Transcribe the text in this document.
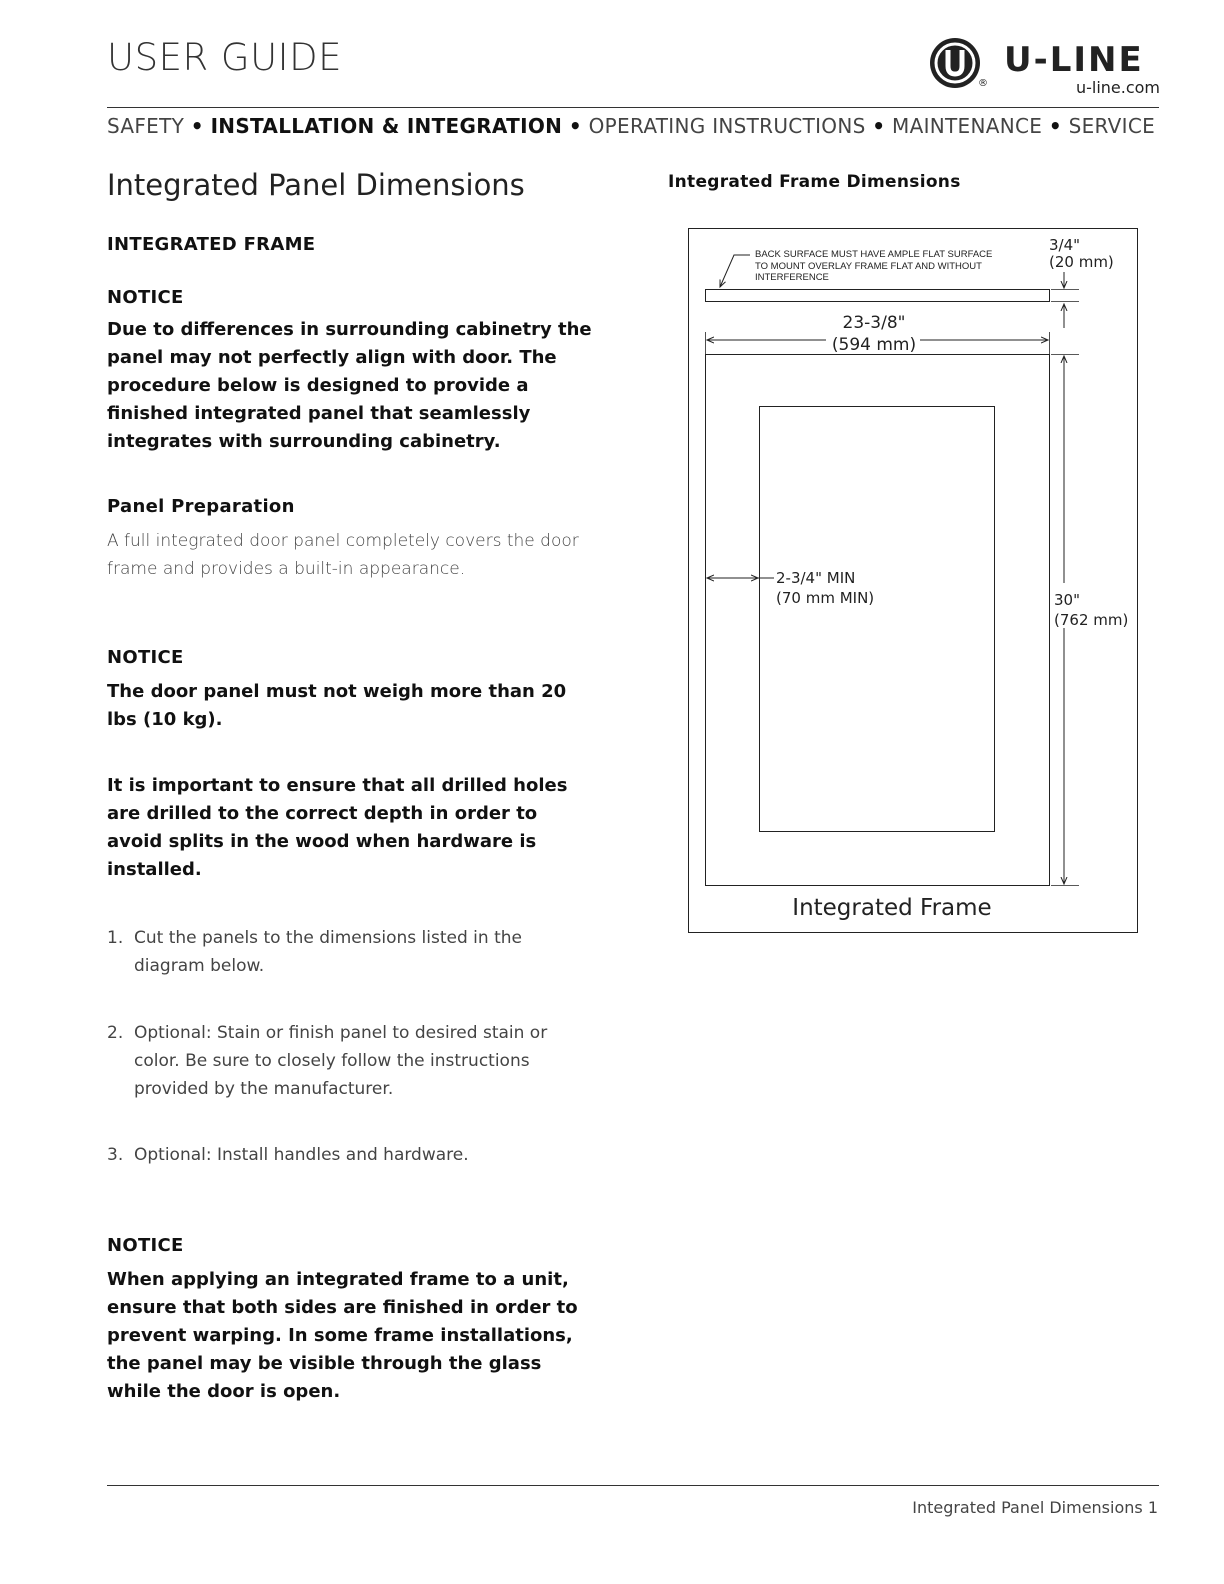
USER GUIDE
®
U-LINE
u-line.com
SAFETY • INSTALLATION & INTEGRATION • OPERATING INSTRUCTIONS • MAINTENANCE • SERVICE
Integrated Panel Dimensions

INTEGRATED FRAME

NOTICE

Due to differences in surrounding cabinetry the panel may not perfectly align with door. The procedure below is designed to provide a finished integrated panel that seamlessly integrates with surrounding cabinetry.

Panel Preparation

A full integrated door panel completely covers the door frame and provides a built-in appearance.

NOTICE

The door panel must not weigh more than 20 lbs (10 kg).

It is important to ensure that all drilled holes are drilled to the correct depth in order to avoid splits in the wood when hardware is installed.

1. Cut the panels to the dimensions listed in the diagram below.
2. Optional: Stain or finish panel to desired stain or color. Be sure to closely follow the instructions provided by the manufacturer.
3. Optional: Install handles and hardware.

NOTICE

When applying an integrated frame to a unit, ensure that both sides are finished in order to prevent warping. In some frame installations, the panel may be visible through the glass while the door is open.

Integrated Frame Dimensions
BACK SURFACE MUST HAVE AMPLE FLAT SURFACE
TO MOUNT OVERLAY FRAME FLAT AND WITHOUT
INTERFERENCE
3/4"
(20 mm)
23-3/8"
(594 mm)
2-3/4" MIN
(70 mm MIN)	30"
(762 mm)
Integrated Frame
Integrated Panel Dimensions 1
